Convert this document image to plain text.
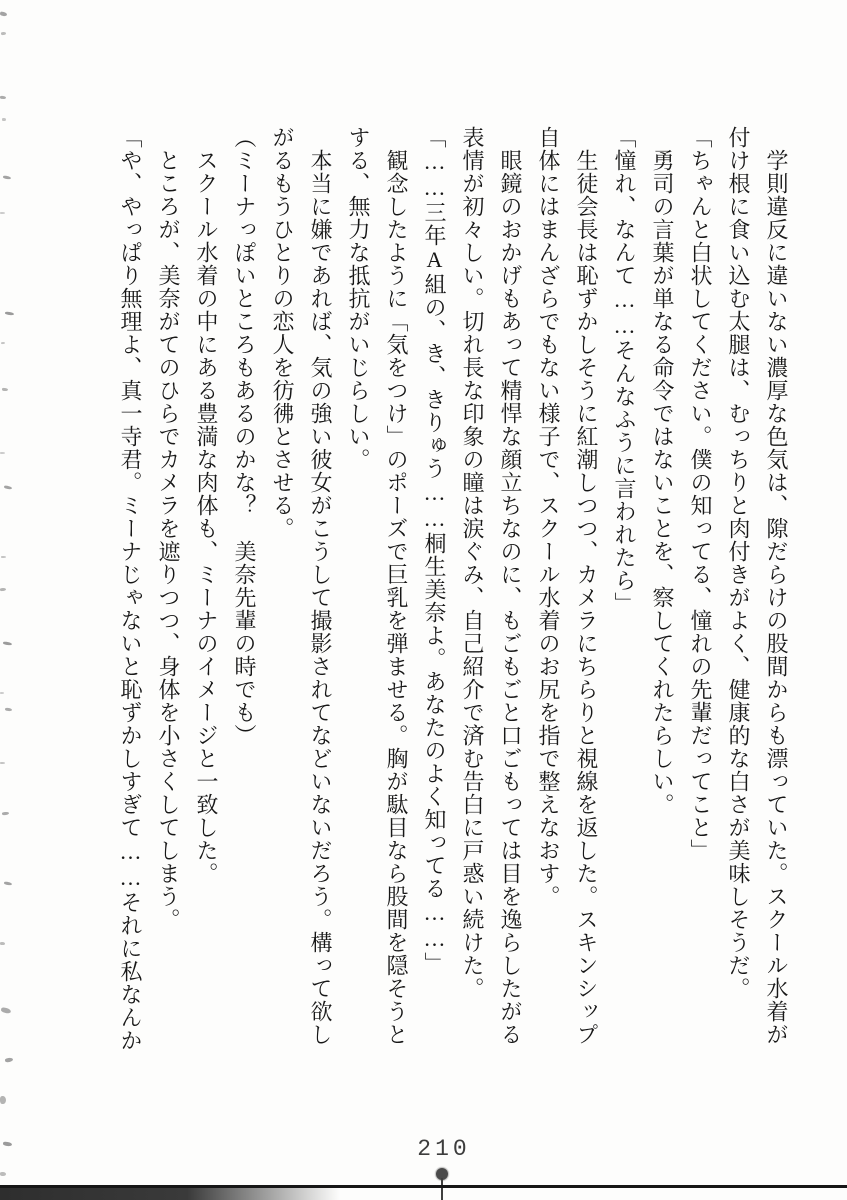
学則違反に違いない濃厚な色気は、隙だらけの股間からも漂っていた。スクール水着が
付け根に食い込む太腿は、むっちりと肉付きがよく、健康的な白さが美味しそうだ。
「ちゃんと白状してください。僕の知ってる、憧れの先輩だってこと」
勇司の言葉が単なる命令ではないことを、察してくれたらしい。
「憧れ、なんて……そんなふうに言われたら」
生徒会長は恥ずかしそうに紅潮しつつ、カメラにちらりと視線を返した。スキンシップ
自体にはまんざらでもない様子で、スクール水着のお尻を指で整えなおす。
眼鏡のおかげもあって精悍な顔立ちなのに、もごもごと口ごもっては目を逸らしたがる
表情が初々しい。切れ長な印象の瞳は涙ぐみ、自己紹介で済む告白に戸惑い続けた。
「……三年A組の、き、きりゅう……桐生美奈よ。あなたのよく知ってる……」
観念したように「気をつけ」のポーズで巨乳を弾ませる。胸が駄目なら股間を隠そうと
する、無力な抵抗がいじらしい。
本当に嫌であれば、気の強い彼女がこうして撮影されてなどいないだろう。構って欲し
がるもうひとりの恋人を彷彿とさせる。
（ミーナっぽいところもあるのかな？　美奈先輩の時でも）
スクール水着の中にある豊満な肉体も、ミーナのイメージと一致した。
ところが、美奈がてのひらでカメラを遮りつつ、身体を小さくしてしまう。
「や、やっぱり無理よ、真一寺君。ミーナじゃないと恥ずかしすぎて……それに私なんか
210
